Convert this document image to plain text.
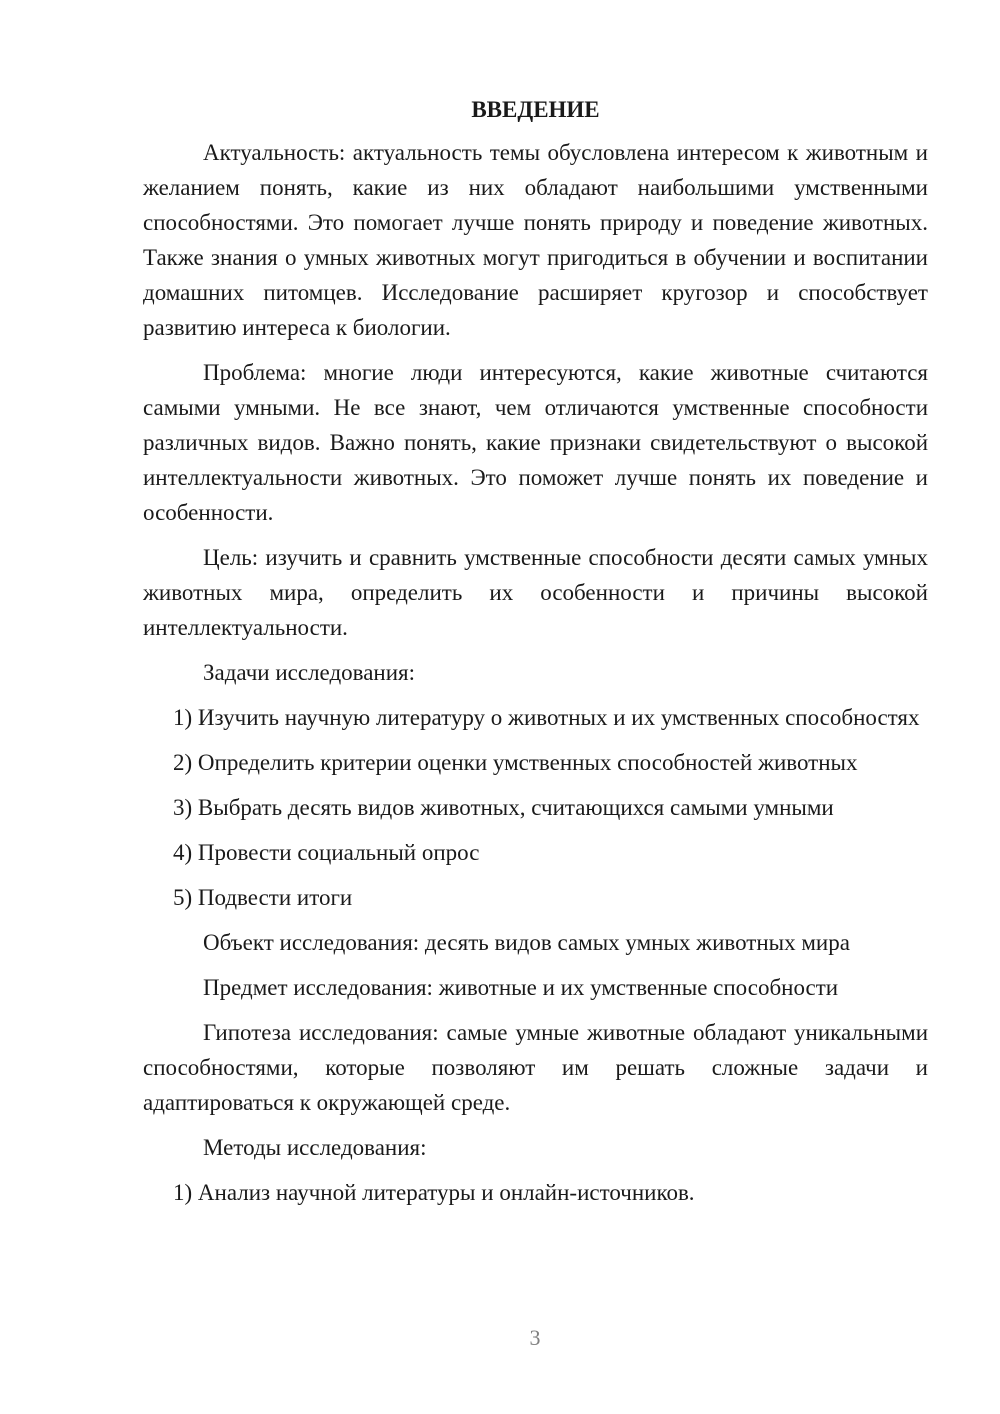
ВВЕДЕНИЕ

Актуальность: актуальность темы обусловлена интересом к животным и желанием понять, какие из них обладают наибольшими умственными способностями. Это помогает лучше понять природу и поведение животных. Также знания о умных животных могут пригодиться в обучении и воспитании домашних питомцев. Исследование расширяет кругозор и способствует развитию интереса к биологии.

Проблема: многие люди интересуются, какие животные считаются самыми умными. Не все знают, чем отличаются умственные способности различных видов. Важно понять, какие признаки свидетельствуют о высокой интеллектуальности животных. Это поможет лучше понять их поведение и особенности.

Цель: изучить и сравнить умственные способности десяти самых умных животных мира, определить их особенности и причины высокой интеллектуальности.

Задачи исследования:

1) Изучить научную литературу о животных и их умственных способностях

2) Определить критерии оценки умственных способностей животных

3) Выбрать десять видов животных, считающихся самыми умными

4) Провести социальный опрос

5) Подвести итоги

Объект исследования: десять видов самых умных животных мира

Предмет исследования: животные и их умственные способности

Гипотеза исследования: самые умные животные обладают уникальными способностями, которые позволяют им решать сложные задачи и адаптироваться к окружающей среде.

Методы исследования:

1) Анализ научной литературы и онлайн-источников.

3
